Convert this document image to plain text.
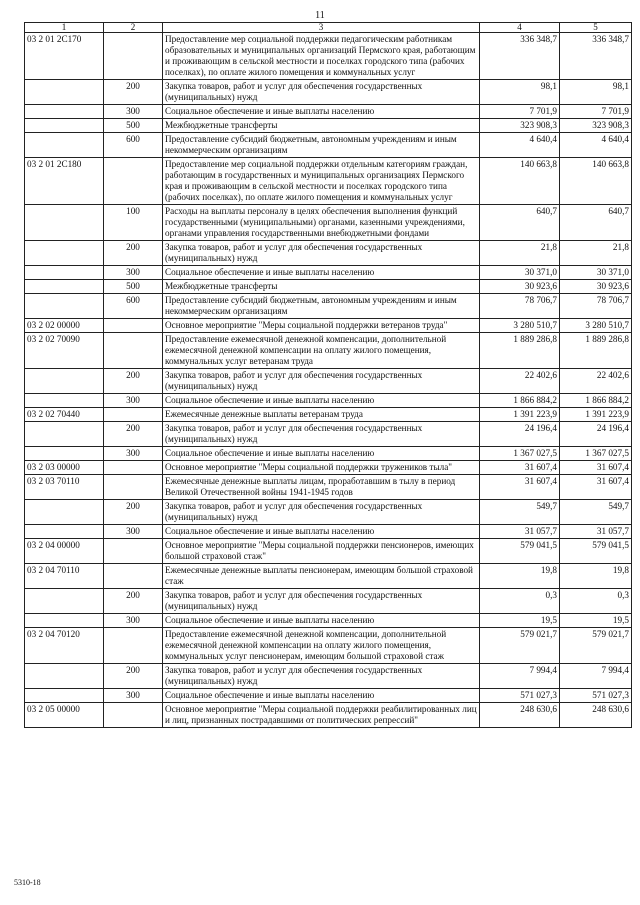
11
1	2	3	4	5
03 2 01 2С170		Предоставление мер социальной поддержки педагогическим работникам образовательных и муниципальных организаций Пермского края, работающим и проживающим в сельской местности и поселках городского типа (рабочих поселках), по оплате жилого помещения и коммунальных услуг	336 348,7	336 348,7
	200	Закупка товаров, работ и услуг для обеспечения государственных (муниципальных) нужд	98,1	98,1
	300	Социальное обеспечение и иные выплаты населению	7 701,9	7 701,9
	500	Межбюджетные трансферты	323 908,3	323 908,3
	600	Предоставление субсидий бюджетным, автономным учреждениям и иным некоммерческим организациям	4 640,4	4 640,4
03 2 01 2С180		Предоставление мер социальной поддержки отдельным категориям граждан, работающим в государственных и муниципальных организациях Пермского края и проживающим в сельской местности и поселках городского типа (рабочих поселках), по оплате жилого помещения и коммунальных услуг	140 663,8	140 663,8
	100	Расходы на выплаты персоналу в целях обеспечения выполнения функций государственными (муниципальными) органами, казенными учреждениями, органами управления государственными внебюджетными фондами	640,7	640,7
	200	Закупка товаров, работ и услуг для обеспечения государственных (муниципальных) нужд	21,8	21,8
	300	Социальное обеспечение и иные выплаты населению	30 371,0	30 371,0
	500	Межбюджетные трансферты	30 923,6	30 923,6
	600	Предоставление субсидий бюджетным, автономным учреждениям и иным некоммерческим организациям	78 706,7	78 706,7
03 2 02 00000		Основное мероприятие "Меры социальной поддержки ветеранов труда"	3 280 510,7	3 280 510,7
03 2 02 70090		Предоставление ежемесячной денежной компенсации, дополнительной ежемесячной денежной компенсации на оплату жилого помещения, коммунальных услуг ветеранам труда	1 889 286,8	1 889 286,8
	200	Закупка товаров, работ и услуг для обеспечения государственных (муниципальных) нужд	22 402,6	22 402,6
	300	Социальное обеспечение и иные выплаты населению	1 866 884,2	1 866 884,2
03 2 02 70440		Ежемесячные денежные выплаты ветеранам труда	1 391 223,9	1 391 223,9
	200	Закупка товаров, работ и услуг для обеспечения государственных (муниципальных) нужд	24 196,4	24 196,4
	300	Социальное обеспечение и иные выплаты населению	1 367 027,5	1 367 027,5
03 2 03 00000		Основное мероприятие "Меры социальной поддержки тружеников тыла"	31 607,4	31 607,4
03 2 03 70110		Ежемесячные денежные выплаты лицам, проработавшим в тылу в период Великой Отечественной войны 1941-1945 годов	31 607,4	31 607,4
	200	Закупка товаров, работ и услуг для обеспечения государственных (муниципальных) нужд	549,7	549,7
	300	Социальное обеспечение и иные выплаты населению	31 057,7	31 057,7
03 2 04 00000		Основное мероприятие "Меры социальной поддержки пенсионеров, имеющих большой страховой стаж"	579 041,5	579 041,5
03 2 04 70110		Ежемесячные денежные выплаты пенсионерам, имеющим большой страховой стаж	19,8	19,8
	200	Закупка товаров, работ и услуг для обеспечения государственных (муниципальных) нужд	0,3	0,3
	300	Социальное обеспечение и иные выплаты населению	19,5	19,5
03 2 04 70120		Предоставление ежемесячной денежной компенсации, дополнительной ежемесячной денежной компенсации на оплату жилого помещения, коммунальных услуг пенсионерам, имеющим большой страховой стаж	579 021,7	579 021,7
	200	Закупка товаров, работ и услуг для обеспечения государственных (муниципальных) нужд	7 994,4	7 994,4
	300	Социальное обеспечение и иные выплаты населению	571 027,3	571 027,3
03 2 05 00000		Основное мероприятие "Меры социальной поддержки реабилитированных лиц и лиц, признанных пострадавшими от политических репрессий"	248 630,6	248 630,6
5310-18
